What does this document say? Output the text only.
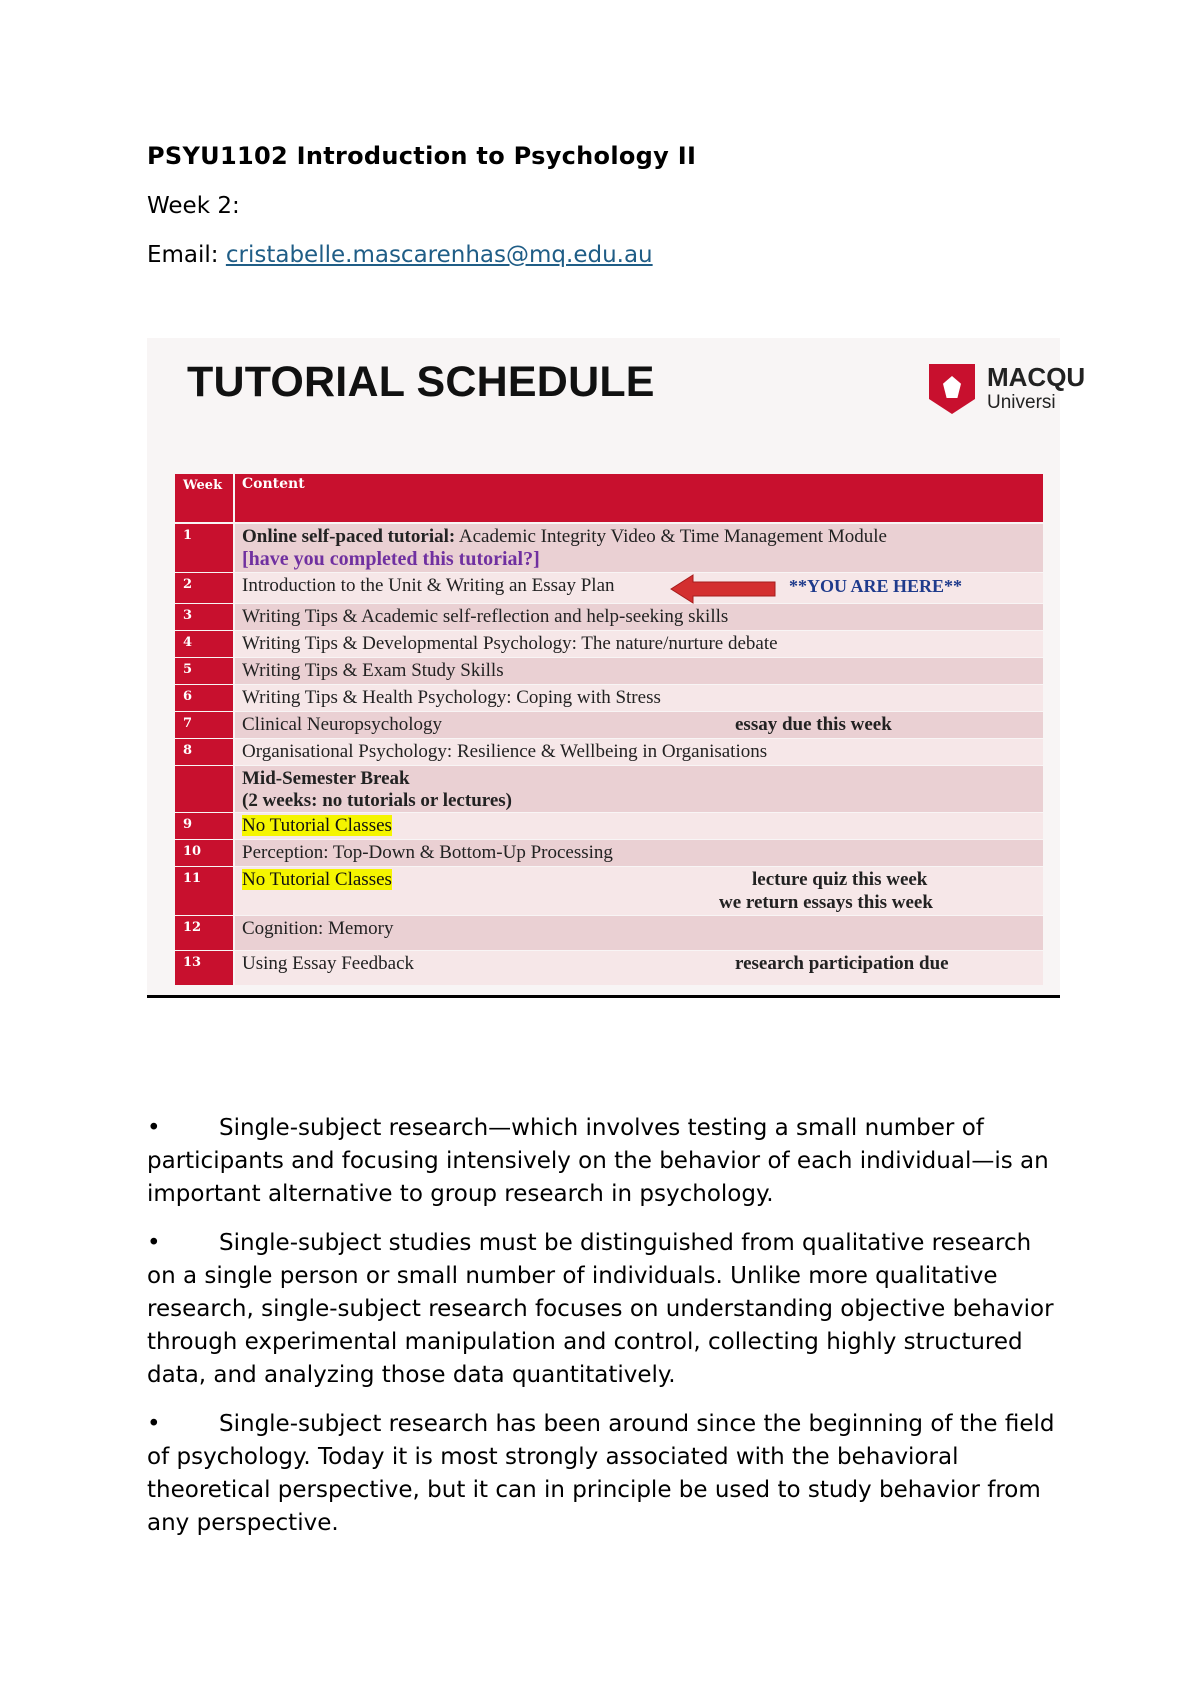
PSYU1102 Introduction to Psychology II
Week 2:
Email: cristabelle.mascarenhas@mq.edu.au
TUTORIAL SCHEDULE	MACQU
Universi
Week	Content
1	Online self-paced tutorial: Academic Integrity Video & Time Management Module
[have you completed this tutorial?]
2	Introduction to the Unit & Writing an Essay Plan	**YOU ARE HERE**
3	Writing Tips & Academic self-reflection and help-seeking skills
4	Writing Tips & Developmental Psychology: The nature/nurture debate
5	Writing Tips & Exam Study Skills
6	Writing Tips & Health Psychology: Coping with Stress
7	Clinical Neuropsychology	essay due this week
8	Organisational Psychology: Resilience & Wellbeing in Organisations
Mid-Semester Break
(2 weeks: no tutorials or lectures)
9	No Tutorial Classes
10	Perception: Top-Down & Bottom-Up Processing
11	No Tutorial Classes	lecture quiz this week
we return essays this week
12	Cognition: Memory
13	Using Essay Feedback	research participation due

•	Single-subject research—which involves testing a small number of participants and focusing intensively on the behavior of each individual—is an important alternative to group research in psychology.

•	Single-subject studies must be distinguished from qualitative research on a single person or small number of individuals. Unlike more qualitative research, single-subject research focuses on understanding objective behavior through experimental manipulation and control, collecting highly structured data, and analyzing those data quantitatively.

•	Single-subject research has been around since the beginning of the field of psychology. Today it is most strongly associated with the behavioral theoretical perspective, but it can in principle be used to study behavior from any perspective.
